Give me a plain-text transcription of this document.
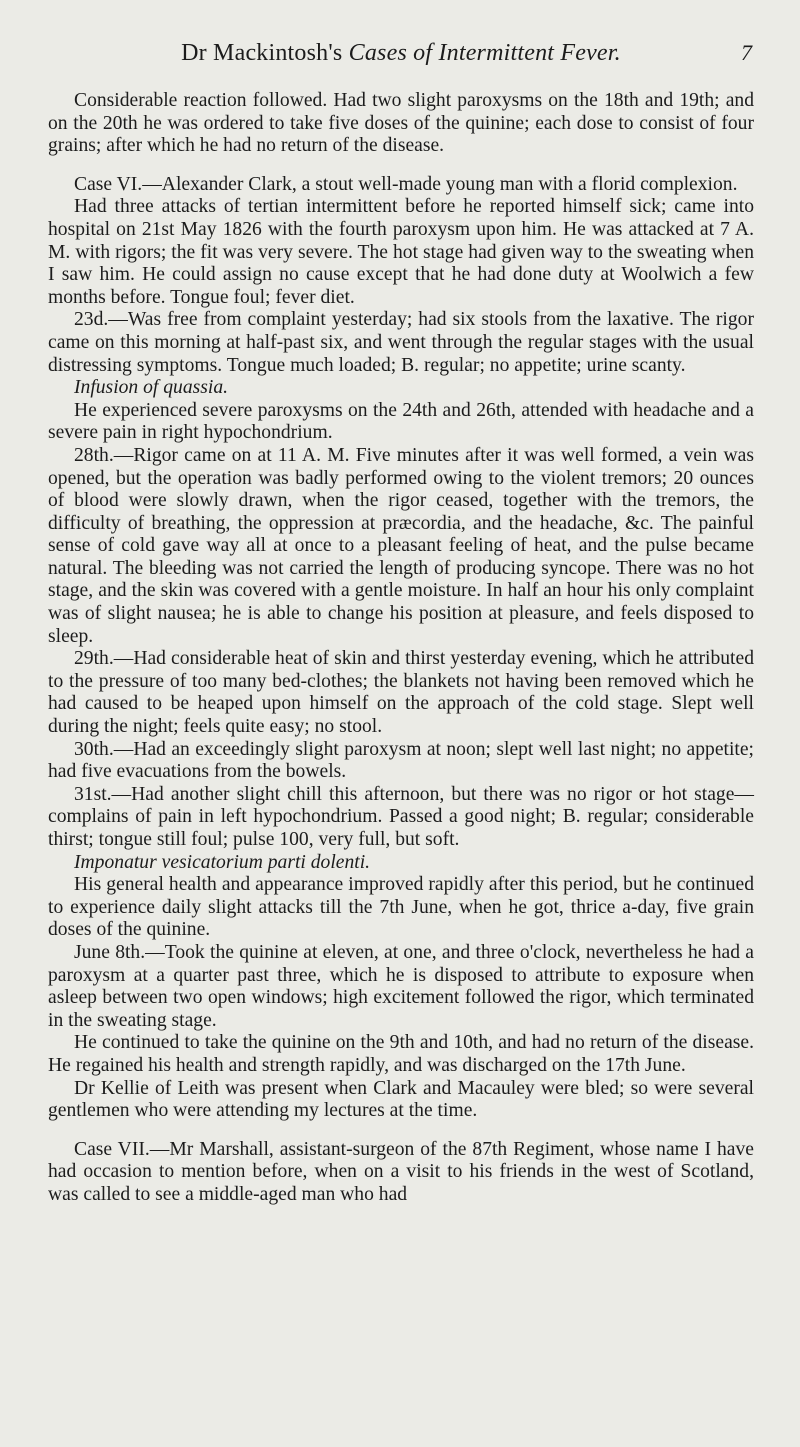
Dr Mackintosh's Cases of Intermittent Fever.	7

Considerable reaction followed. Had two slight paroxysms on the 18th and 19th; and on the 20th he was ordered to take five doses of the quinine; each dose to consist of four grains; after which he had no return of the disease.

Case VI.—Alexander Clark, a stout well-made young man with a florid complexion.

Had three attacks of tertian intermittent before he reported himself sick; came into hospital on 21st May 1826 with the fourth paroxysm upon him. He was attacked at 7 A. M. with rigors; the fit was very severe. The hot stage had given way to the sweating when I saw him. He could assign no cause except that he had done duty at Woolwich a few months before. Tongue foul; fever diet.

23d.—Was free from complaint yesterday; had six stools from the laxative. The rigor came on this morning at half-past six, and went through the regular stages with the usual distressing symptoms. Tongue much loaded; B. regular; no appetite; urine scanty.

Infusion of quassia.

He experienced severe paroxysms on the 24th and 26th, attended with headache and a severe pain in right hypochondrium.

28th.—Rigor came on at 11 A. M. Five minutes after it was well formed, a vein was opened, but the operation was badly performed owing to the violent tremors; 20 ounces of blood were slowly drawn, when the rigor ceased, together with the tremors, the difficulty of breathing, the oppression at præcordia, and the headache, &c. The painful sense of cold gave way all at once to a pleasant feeling of heat, and the pulse became natural. The bleeding was not carried the length of producing syncope. There was no hot stage, and the skin was covered with a gentle moisture. In half an hour his only complaint was of slight nausea; he is able to change his position at pleasure, and feels disposed to sleep.

29th.—Had considerable heat of skin and thirst yesterday evening, which he attributed to the pressure of too many bed-clothes; the blankets not having been removed which he had caused to be heaped upon himself on the approach of the cold stage. Slept well during the night; feels quite easy; no stool.

30th.—Had an exceedingly slight paroxysm at noon; slept well last night; no appetite; had five evacuations from the bowels.

31st.—Had another slight chill this afternoon, but there was no rigor or hot stage—complains of pain in left hypochondrium. Passed a good night; B. regular; considerable thirst; tongue still foul; pulse 100, very full, but soft.

Imponatur vesicatorium parti dolenti.

His general health and appearance improved rapidly after this period, but he continued to experience daily slight attacks till the 7th June, when he got, thrice a-day, five grain doses of the quinine.

June 8th.—Took the quinine at eleven, at one, and three o'clock, nevertheless he had a paroxysm at a quarter past three, which he is disposed to attribute to exposure when asleep between two open windows; high excitement followed the rigor, which terminated in the sweating stage.

He continued to take the quinine on the 9th and 10th, and had no return of the disease. He regained his health and strength rapidly, and was discharged on the 17th June.

Dr Kellie of Leith was present when Clark and Macauley were bled; so were several gentlemen who were attending my lectures at the time.

Case VII.—Mr Marshall, assistant-surgeon of the 87th Regiment, whose name I have had occasion to mention before, when on a visit to his friends in the west of Scotland, was called to see a middle-aged man who had
